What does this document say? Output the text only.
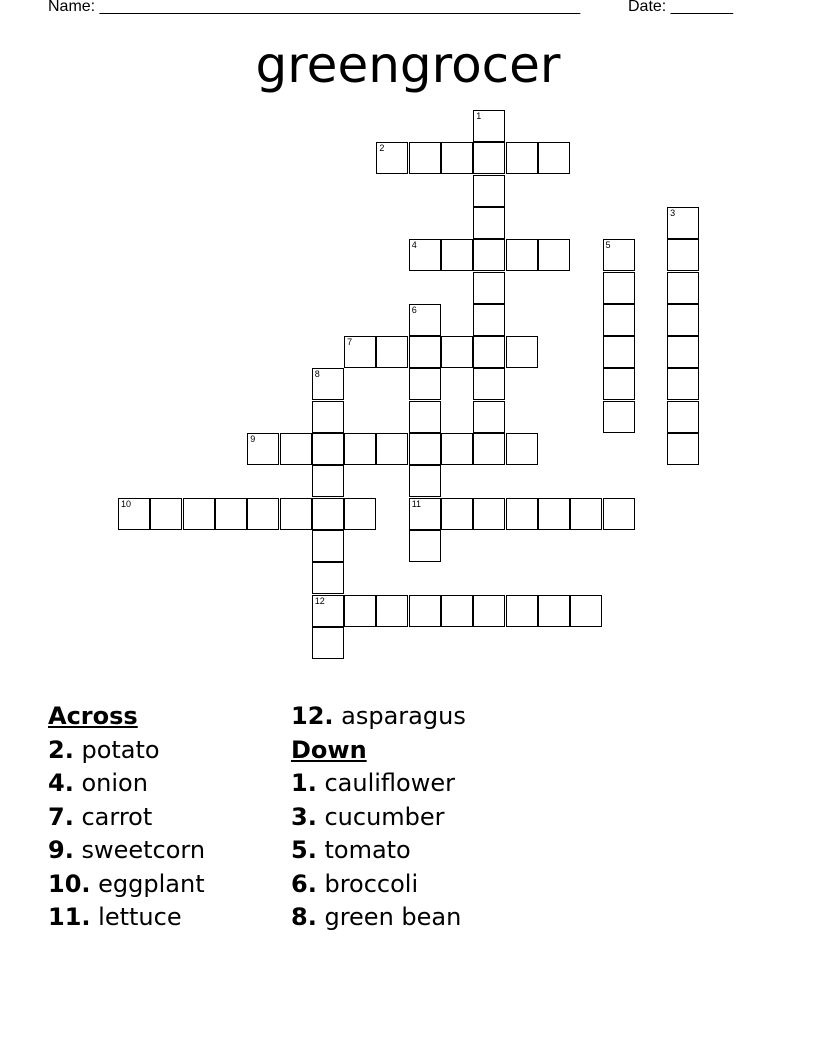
Name: ______________________________________________________	Date: _______
greengrocer
1
2
3
4	5
6
11
7
8
12
9
10
Across
2. potato
4. onion
7. carrot
9. sweetcorn
10. eggplant
11. lettuce
12. asparagus
Down
1. cauliflower
3. cucumber
5. tomato
6. broccoli
8. green bean
